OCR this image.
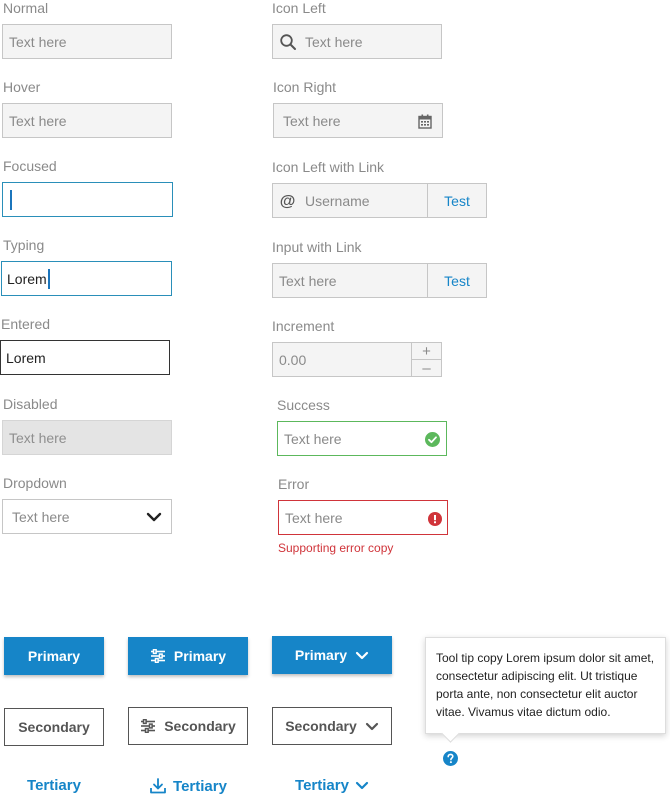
Normal
Text here
Hover
Text here
Focused
Typing
Lorem
Entered
Lorem
Disabled
Text here
Dropdown
Text here
Icon Left
Text here
Icon Right
Text here
Icon Left with Link
@ Username	Test
Input with Link
Text here	Test
Increment
0.00	+
–
Success
Text here
Error
Text here
Supporting error copy
Primary	Primary	Primary
Secondary	Secondary	Secondary
Tertiary	Tertiary	Tertiary
Tool tip copy Lorem ipsum dolor sit amet, consectetur adipiscing elit. Ut tristique porta ante, non consectetur elit auctor vitae. Vivamus vitae dictum odio.
